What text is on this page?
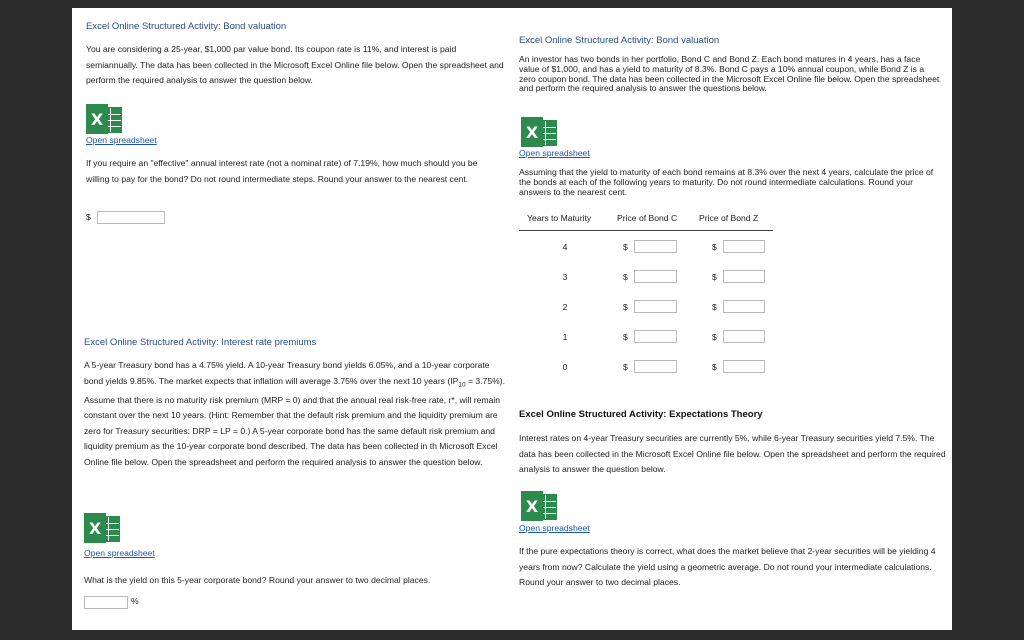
Excel Online Structured Activity: Bond valuation
You are considering a 25-year, $1,000 par value bond. Its coupon rate is 11%, and interest is paid semiannually. The data has been collected in the Microsoft Excel Online file below. Open the spreadsheet and perform the required analysis to answer the question below.
X
Open spreadsheet
If you require an "effective" annual interest rate (not a nominal rate) of 7.19%, how much should you be willing to pay for the bond? Do not round intermediate steps. Round your answer to the nearest cent.
$
Excel Online Structured Activity: Interest rate premiums
A 5-year Treasury bond has a 4.75% yield. A 10-year Treasury bond yields 6.05%, and a 10-year corporate bond yields 9.85%. The market expects that inflation will average 3.75% over the next 10 years $(IP_{10} = 3.75\%)$. Assume that there is no maturity risk premium (MRP = 0) and that the annual real risk-free rate, r*, will remain constant over the next 10 years. (Hint: Remember that the default risk premium and the liquidity premium are zero for Treasury securities: DRP = LP = 0.) A 5-year corporate bond has the same default risk premium and liquidity premium as the 10-year corporate bond described. The data has been collected in th Microsoft Excel Online file below. Open the spreadsheet and perform the required analysis to answer the question below.
X
Open spreadsheet
What is the yield on this 5-year corporate bond? Round your answer to two decimal places.
%
Excel Online Structured Activity: Bond valuation
An investor has two bonds in her portfolio, Bond C and Bond Z. Each bond matures in 4 years, has a face value of $1,000, and has a yield to maturity of 8.3%. Bond C pays a 10% annual coupon, while Bond Z is a zero coupon bond. The data has been collected in the Microsoft Excel Online file below. Open the spreadsheet and perform the required analysis to answer the questions below.
X
Open spreadsheet
Assuming that the yield to maturity of each bond remains at 8.3% over the next 4 years, calculate the price of the bonds at each of the following years to maturity. Do not round intermediate calculations. Round your answers to the nearest cent.
Years to Maturity	Price of Bond C	Price of Bond Z
4	$	$
3	$	$
2	$	$
1	$	$
0	$	$
Excel Online Structured Activity: Expectations Theory
Interest rates on 4-year Treasury securities are currently 5%, while 6-year Treasury securities yield 7.5%. The data has been collected in the Microsoft Excel Online file below. Open the spreadsheet and perform the required analysis to answer the question below.
X
Open spreadsheet
If the pure expectations theory is correct, what does the market believe that 2-year securities will be yielding 4 years from now? Calculate the yield using a geometric average. Do not round your intermediate calculations. Round your answer to two decimal places.
